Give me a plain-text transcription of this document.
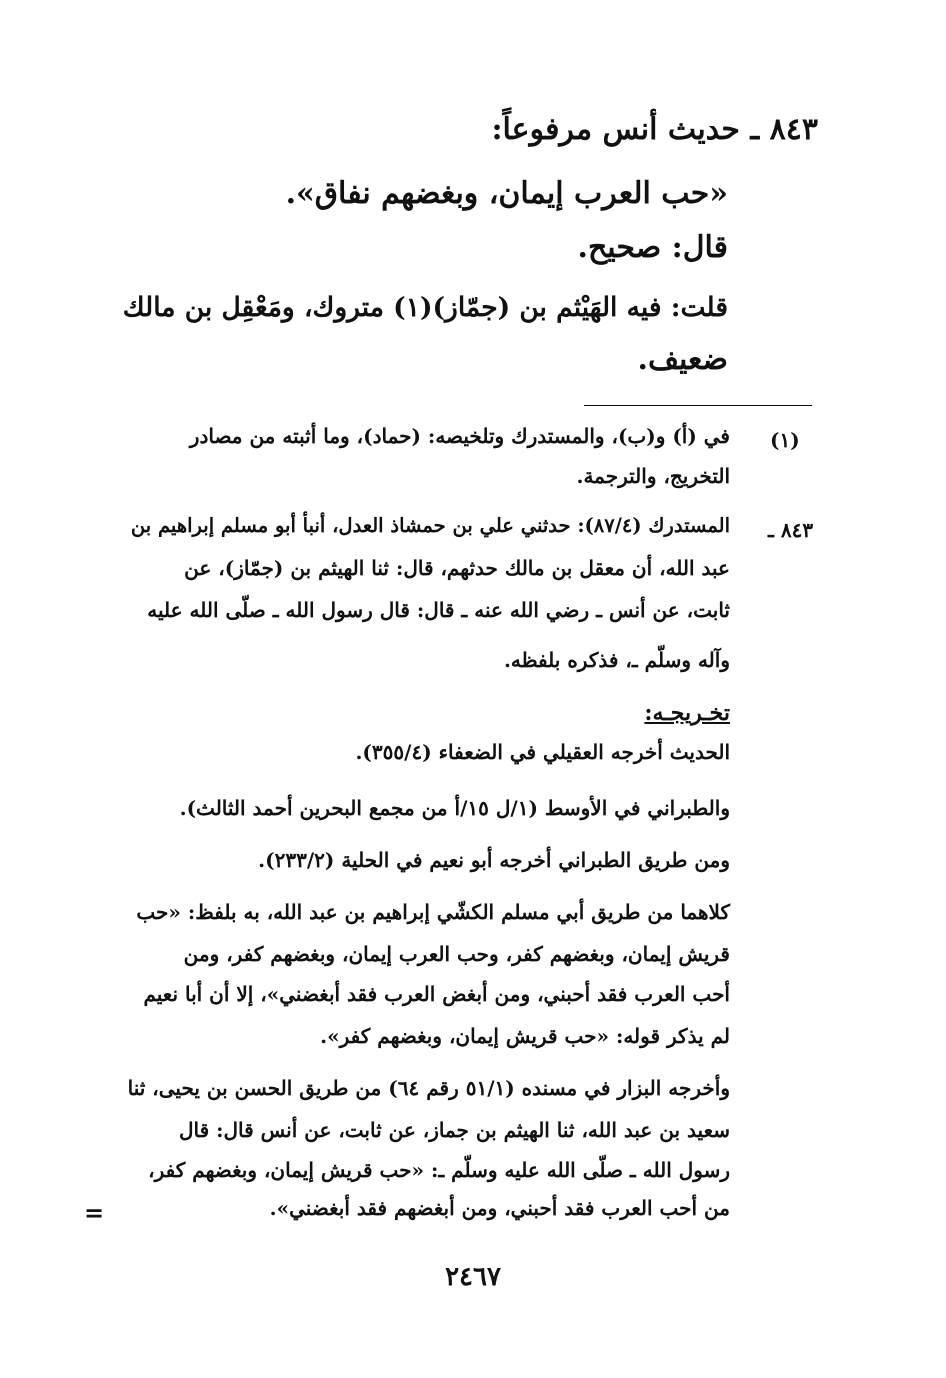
٨٤٣ ـ حديث أنس مرفوعاً:
«حب العرب إيمان، وبغضهم نفاق».
قال: صحيح.
قلت: فيه الهَيْثم بن (جمّاز)(١) متروك، ومَعْقِل بن مالك
ضعيف.
(١)
في (أ) و(ب)، والمستدرك وتلخيصه: (حماد)، وما أثبته من مصادر
التخريج، والترجمة.
٨٤٣ ـ
المستدرك (٨٧/٤): حدثني علي بن حمشاذ العدل، أنبأ أبو مسلم إبراهيم بن
عبد الله، أن معقل بن مالك حدثهم، قال: ثنا الهيثم بن (جمّاز)، عن
ثابت، عن أنس ـ رضي الله عنه ـ قال: قال رسول الله ـ صلّى الله عليه
وآله وسلّم ـ، فذكره بلفظه.
تخـريجـه:
الحديث أخرجه العقيلي في الضعفاء (٣٥٥/٤).
والطبراني في الأوسط (١/ل ١٥/أ من مجمع البحرين أحمد الثالث).
ومن طريق الطبراني أخرجه أبو نعيم في الحلية (٢٣٣/٢).
كلاهما من طريق أبي مسلم الكشّي إبراهيم بن عبد الله، به بلفظ: «حب
قريش إيمان، وبغضهم كفر، وحب العرب إيمان، وبغضهم كفر، ومن
أحب العرب فقد أحبني، ومن أبغض العرب فقد أبغضني»، إلا أن أبا نعيم
لم يذكر قوله: «حب قريش إيمان، وبغضهم كفر».
وأخرجه البزار في مسنده (٥١/١ رقم ٦٤) من طريق الحسن بن يحيى، ثنا
سعيد بن عبد الله، ثنا الهيثم بن جماز، عن ثابت، عن أنس قال: قال
رسول الله ـ صلّى الله عليه وسلّم ـ: «حب قريش إيمان، وبغضهم كفر،
من أحب العرب فقد أحبني، ومن أبغضهم فقد أبغضني».
=
٢٤٦٧
